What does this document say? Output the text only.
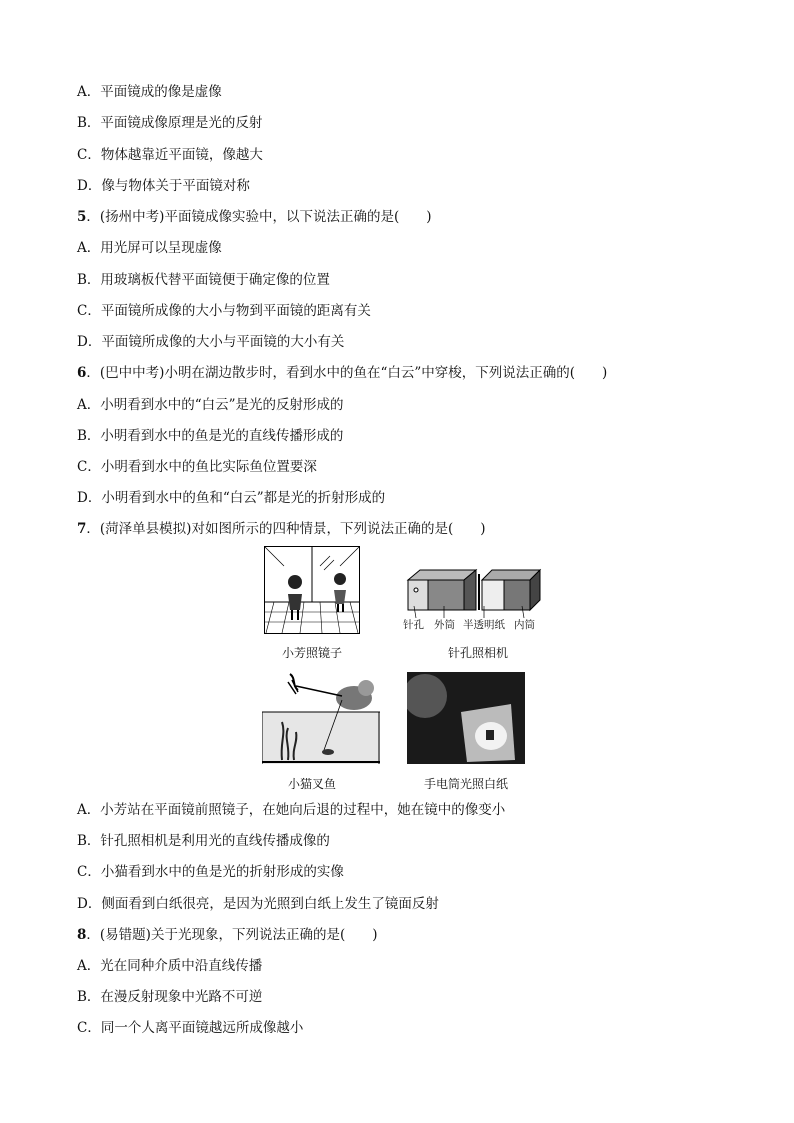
A．平面镜成的像是虚像
B．平面镜成像原理是光的反射
C．物体越靠近平面镜，像越大
D．像与物体关于平面镜对称
5．(扬州中考)平面镜成像实验中，以下说法正确的是(　　)
A．用光屏可以呈现虚像
B．用玻璃板代替平面镜便于确定像的位置
C．平面镜所成像的大小与物到平面镜的距离有关
D．平面镜所成像的大小与平面镜的大小有关
6．(巴中中考)小明在湖边散步时，看到水中的鱼在“白云”中穿梭，下列说法正确的(　　)
A．小明看到水中的“白云”是光的反射形成的
B．小明看到水中的鱼是光的直线传播形成的
C．小明看到水中的鱼比实际鱼位置要深
D．小明看到水中的鱼和“白云”都是光的折射形成的
7．(菏泽单县模拟)对如图所示的四种情景，下列说法正确的是(　　)
小芳照镜子
针孔 外筒 半透明纸 内筒
针孔照相机
小猫叉鱼	手电筒光照白纸
A．小芳站在平面镜前照镜子，在她向后退的过程中，她在镜中的像变小
B．针孔照相机是利用光的直线传播成像的
C．小猫看到水中的鱼是光的折射形成的实像
D．侧面看到白纸很亮，是因为光照到白纸上发生了镜面反射
8．(易错题)关于光现象，下列说法正确的是(　　)
A．光在同种介质中沿直线传播
B．在漫反射现象中光路不可逆
C．同一个人离平面镜越远所成像越小
